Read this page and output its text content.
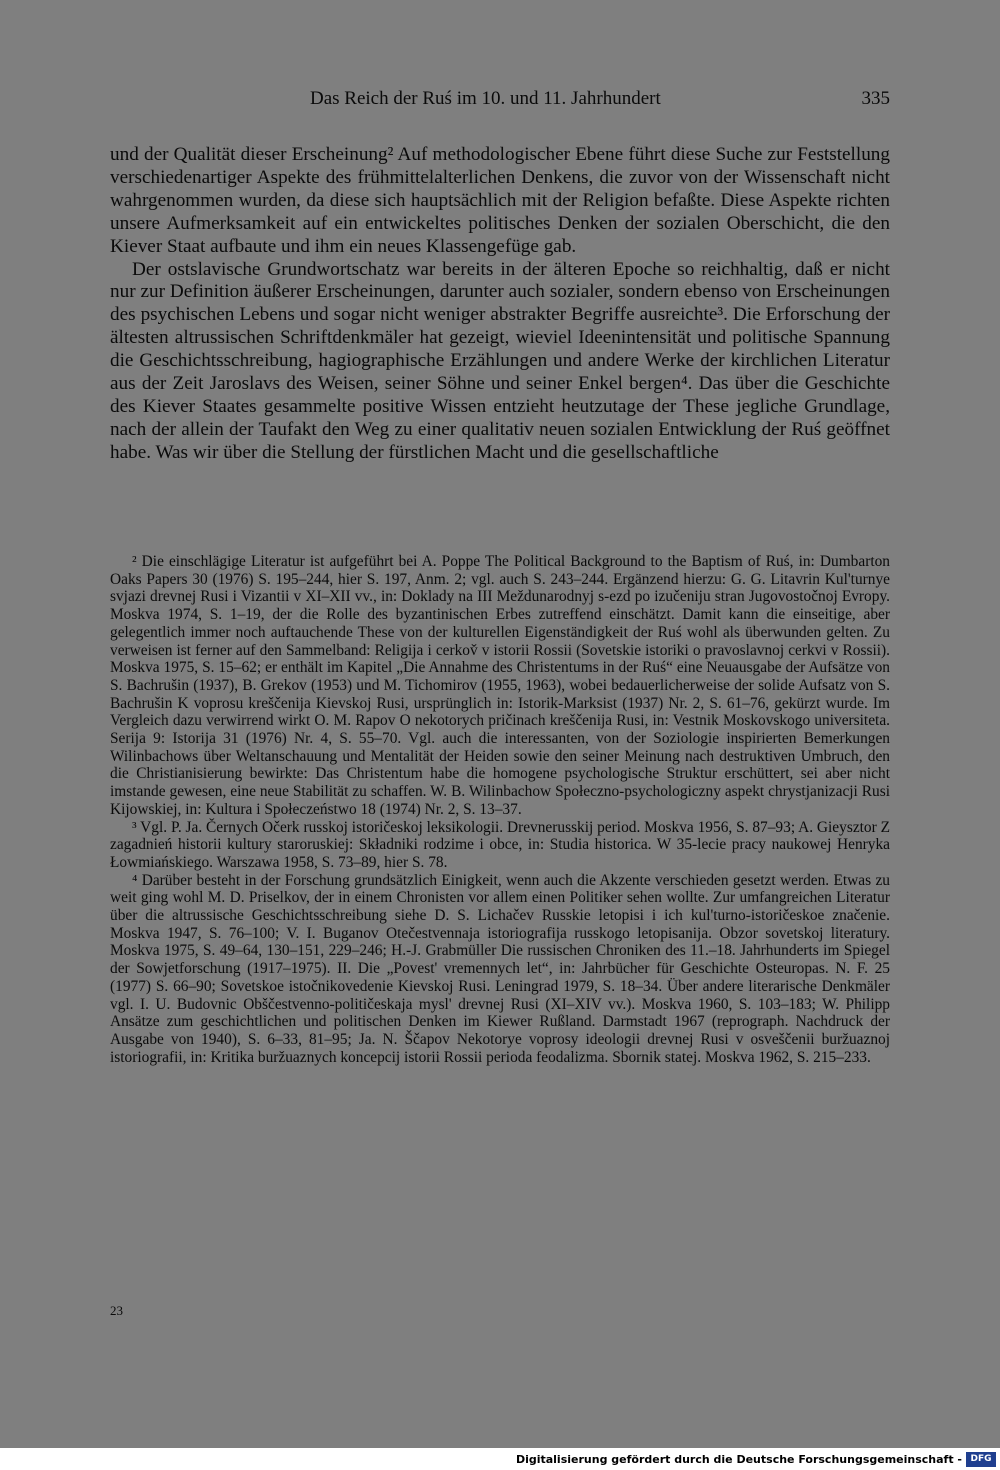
Das Reich der Ruś im 10. und 11. Jahrhundert	335

und der Qualität dieser Erscheinung² Auf methodologischer Ebene führt diese Suche zur Feststellung verschiedenartiger Aspekte des frühmittelalterlichen Denkens, die zuvor von der Wissenschaft nicht wahrgenommen wurden, da diese sich hauptsächlich mit der Religion befaßte. Diese Aspekte richten unsere Aufmerksamkeit auf ein entwickeltes politisches Denken der sozialen Oberschicht, die den Kiever Staat aufbaute und ihm ein neues Klassengefüge gab.

Der ostslavische Grundwortschatz war bereits in der älteren Epoche so reichhaltig, daß er nicht nur zur Definition äußerer Erscheinungen, darunter auch sozialer, sondern ebenso von Erscheinungen des psychischen Lebens und sogar nicht weniger abstrakter Begriffe ausreichte³. Die Erforschung der ältesten altrussischen Schriftdenkmäler hat gezeigt, wieviel Ideenintensität und politische Spannung die Geschichtsschreibung, hagiographische Erzählungen und andere Werke der kirchlichen Literatur aus der Zeit Jaroslavs des Weisen, seiner Söhne und seiner Enkel bergen⁴. Das über die Geschichte des Kiever Staates gesammelte positive Wissen entzieht heutzutage der These jegliche Grundlage, nach der allein der Taufakt den Weg zu einer qualitativ neuen sozialen Entwicklung der Ruś geöffnet habe. Was wir über die Stellung der fürstlichen Macht und die gesellschaftliche

² Die einschlägige Literatur ist aufgeführt bei A. Poppe The Political Background to the Baptism of Ruś, in: Dumbarton Oaks Papers 30 (1976) S. 195–244, hier S. 197, Anm. 2; vgl. auch S. 243–244. Ergänzend hierzu: G. G. Litavrin Kul'turnye svjazi drevnej Rusi i Vizantii v XI–XII vv., in: Doklady na III Meždunarodnyj s-ezd po izučeniju stran Jugovostočnoj Evropy. Moskva 1974, S. 1–19, der die Rolle des byzantinischen Erbes zutreffend einschätzt. Damit kann die einseitige, aber gelegentlich immer noch auftauchende These von der kulturellen Eigenständigkeit der Ruś wohl als überwunden gelten. Zu verweisen ist ferner auf den Sammelband: Religija i cerkov̌ v istorii Rossii (Sovetskie istoriki o pravoslavnoj cerkvi v Rossii). Moskva 1975, S. 15–62; er enthält im Kapitel „Die Annahme des Christentums in der Ruś“ eine Neuausgabe der Aufsätze von S. Bachrušin (1937), B. Grekov (1953) und M. Tichomirov (1955, 1963), wobei bedauerlicherweise der solide Aufsatz von S. Bachrušin K voprosu kreščenija Kievskoj Rusi, ursprünglich in: Istorik-Marksist (1937) Nr. 2, S. 61–76, gekürzt wurde. Im Vergleich dazu verwirrend wirkt O. M. Rapov O nekotorych pričinach kreščenija Rusi, in: Vestnik Moskovskogo universiteta. Serija 9: Istorija 31 (1976) Nr. 4, S. 55–70. Vgl. auch die interessanten, von der Soziologie inspirierten Bemerkungen Wilinbachows über Weltanschauung und Mentalität der Heiden sowie den seiner Meinung nach destruktiven Umbruch, den die Christianisierung bewirkte: Das Christentum habe die homogene psychologische Struktur erschüttert, sei aber nicht imstande gewesen, eine neue Stabilität zu schaffen. W. B. Wilinbachow Społeczno-psychologiczny aspekt chrystjanizacji Rusi Kijowskiej, in: Kultura i Społeczeństwo 18 (1974) Nr. 2, S. 13–37.

³ Vgl. P. Ja. Černych Očerk russkoj istoričeskoj leksikologii. Drevnerusskij period. Moskva 1956, S. 87–93; A. Gieysztor Z zagadnień historii kultury staroruskiej: Składniki rodzime i obce, in: Studia historica. W 35-lecie pracy naukowej Henryka Łowmiańskiego. Warszawa 1958, S. 73–89, hier S. 78.

⁴ Darüber besteht in der Forschung grundsätzlich Einigkeit, wenn auch die Akzente verschieden gesetzt werden. Etwas zu weit ging wohl M. D. Priselkov, der in einem Chronisten vor allem einen Politiker sehen wollte. Zur umfangreichen Literatur über die altrussische Geschichtsschreibung siehe D. S. Lichačev Russkie letopisi i ich kul'turno-istoričeskoe značenie. Moskva 1947, S. 76–100; V. I. Buganov Otečestvennaja istoriografija russkogo letopisanija. Obzor sovetskoj literatury. Moskva 1975, S. 49–64, 130–151, 229–246; H.-J. Grabmüller Die russischen Chroniken des 11.–18. Jahrhunderts im Spiegel der Sowjetforschung (1917–1975). II. Die „Povest' vremennych let“, in: Jahrbücher für Geschichte Osteuropas. N. F. 25 (1977) S. 66–90; Sovetskoe istočnikovedenie Kievskoj Rusi. Leningrad 1979, S. 18–34. Über andere literarische Denkmäler vgl. I. U. Budovnic Obščestvenno-političeskaja mysl' drevnej Rusi (XI–XIV vv.). Moskva 1960, S. 103–183; W. Philipp Ansätze zum geschichtlichen und politischen Denken im Kiewer Rußland. Darmstadt 1967 (reprograph. Nachdruck der Ausgabe von 1940), S. 6–33, 81–95; Ja. N. Ščapov Nekotorye voprosy ideologii drevnej Rusi v osveščenii buržuaznoj istoriografii, in: Kritika buržuaznych koncepcij istorii Rossii perioda feodalizma. Sbornik statej. Moskva 1962, S. 215–233.

23
Digitalisierung gefördert durch die Deutsche Forschungsgemeinschaft - DFG
